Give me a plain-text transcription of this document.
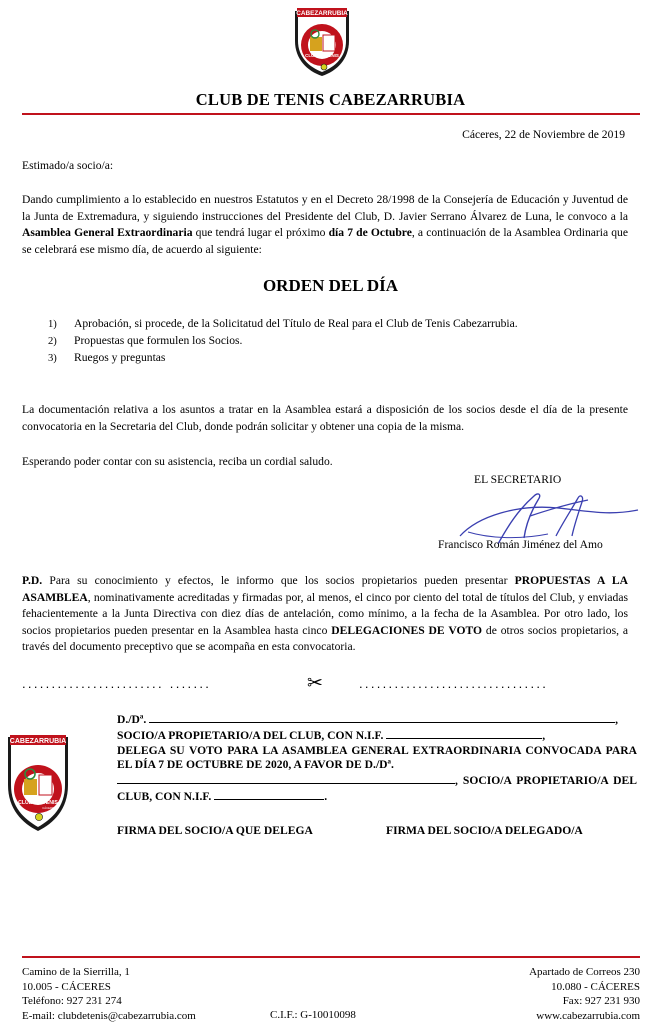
CABEZARRUBIA
CLUB DE TENIS
CLUB DE TENIS CABEZARRUBIA
Cáceres, 22 de Noviembre de 2019
Estimado/a socio/a:
Dando cumplimiento a lo establecido en nuestros Estatutos y en el Decreto 28/1998 de la Consejería de Educación y Juventud de la Junta de Extremadura, y siguiendo instrucciones del Presidente del Club, D. Javier Serrano Álvarez de Luna, le convoco a la Asamblea General Extraordinaria que tendrá lugar el próximo día 7 de Octubre, a continuación de la Asamblea Ordinaria que se celebrará ese mismo día, de acuerdo al siguiente:
ORDEN DEL DÍA
1)	Aprobación, si procede, de la Solicitatud del Título de Real para el Club de Tenis Cabezarrubia.
2)	Propuestas que formulen los Socios.
3)	Ruegos y preguntas
La documentación relativa a los asuntos a tratar en la Asamblea estará a disposición de los socios desde el día de la presente convocatoria en la Secretaria del Club, donde podrán solicitar y obtener una copia de la misma.
Esperando poder contar con su asistencia, reciba un cordial saludo.
EL SECRETARIO
Francisco Román Jiménez del Amo
P.D. Para su conocimiento y efectos, le informo que los socios propietarios pueden presentar PROPUESTAS A LA ASAMBLEA, nominativamente acreditadas y firmadas por, al menos, el cinco por ciento del total de títulos del Club, y enviadas fehacientemente a la Junta Directiva con diez días de antelación, como mínimo, a la fecha de la Asamblea. Por otro lado, los socios propietarios pueden presentar en la Asamblea hasta cinco DELEGACIONES DE VOTO de otros socios propietarios, a través del documento preceptivo que se acompaña en esta convocatoria.
........................ .......	✂	................................
CABEZARRUBIA
CLUB DE TENIS
CÁCERES
D./Dª.	,
SOCIO/A PROPIETARIO/A DEL CLUB, CON N.I.F.	,
DELEGA SU VOTO PARA LA ASAMBLEA GENERAL EXTRAORDINARIA CONVOCADA PARA EL DÍA 7 DE OCTUBRE DE 2020, A FAVOR DE D./Dª.
, SOCIO/A PROPIETARIO/A DEL CLUB, CON N.I.F.	.
FIRMA DEL SOCIO/A QUE DELEGA	FIRMA DEL SOCIO/A DELEGADO/A
Camino de la Sierrilla, 1
10.005 - CÁCERES
Teléfono: 927 231 274
E-mail: clubdetenis@cabezarrubia.com	C.I.F.: G-10010098
Apartado de Correos 230
10.080 - CÁCERES
Fax: 927 231 930
www.cabezarrubia.com
